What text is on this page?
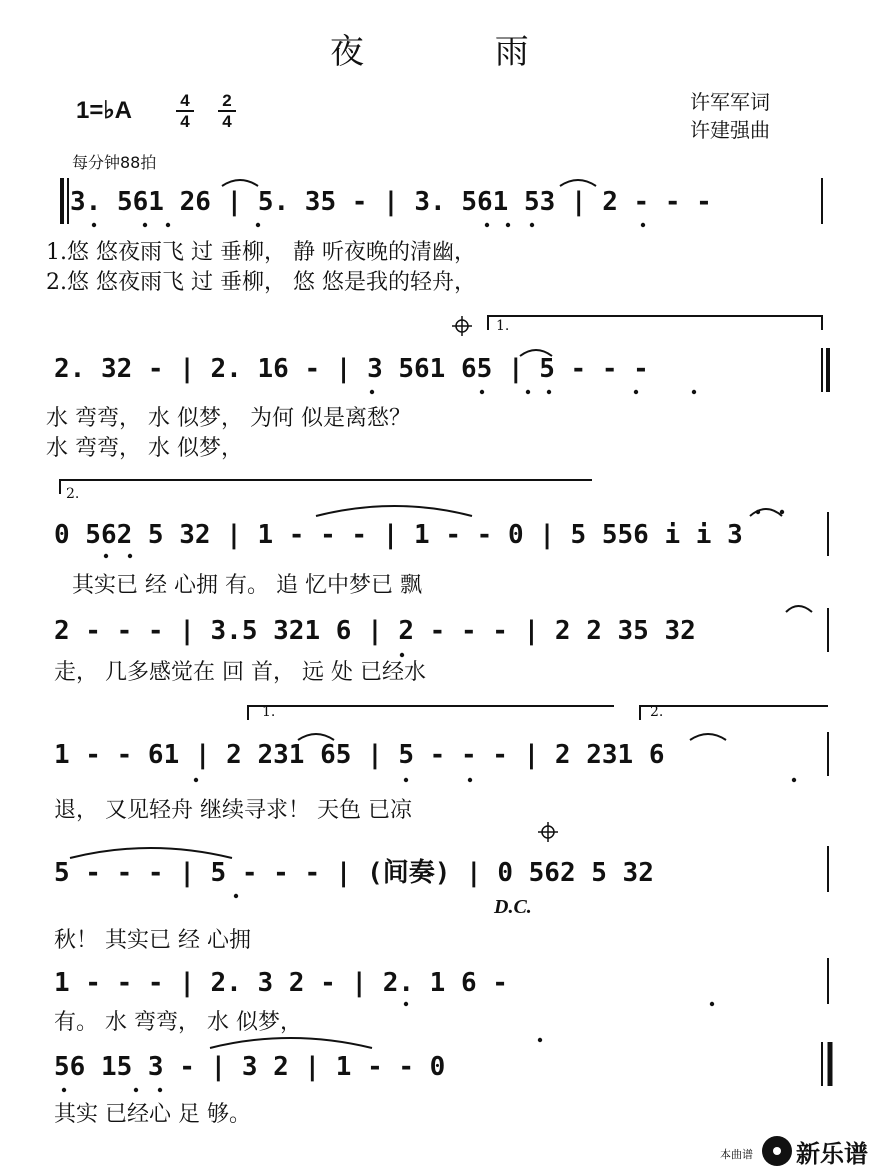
夜 雨
1=♭A	4
4
2
4
许军军词
许建强曲
每分钟88拍
3. 561 26 | 5. 35 - | 3. 561 53 | 2 - - -
1.悠 悠夜雨飞 过 垂柳， 静 听夜晚的清幽，
2.悠 悠夜雨飞 过 垂柳， 悠 悠是我的轻舟，
1.
2. 32 - | 2. 16 - | 3 561 65 | 5 - - -
水 弯弯， 水 似梦， 为何 似是离愁？
水 弯弯， 水 似梦，
2.
0 562 5 32 | 1 - - - | 1 - - 0 | 5 556 i i 3
其实已 经 心拥 有。 追 忆中梦已 飘
2 - - - | 3.5 321 6 | 2 - - - | 2 2 35 32
走， 几多感觉在 回 首， 远 处 已经水
1.	2.
1 - - 61 | 2 231 65 | 5 - - - | 2 231 6
退， 又见轻舟 继续寻求！ 天色 已凉
5 - - - | 5 - - - | (间奏) | 0 562 5 32
D.C.
秋！ 其实已 经 心拥
1 - - - | 2. 3 2 - | 2. 1 6 -
有。 水 弯弯， 水 似梦，
56 15 3 - | 3 2 | 1 - - 0
其实 已经心 足 够。
本曲谱 新乐谱
